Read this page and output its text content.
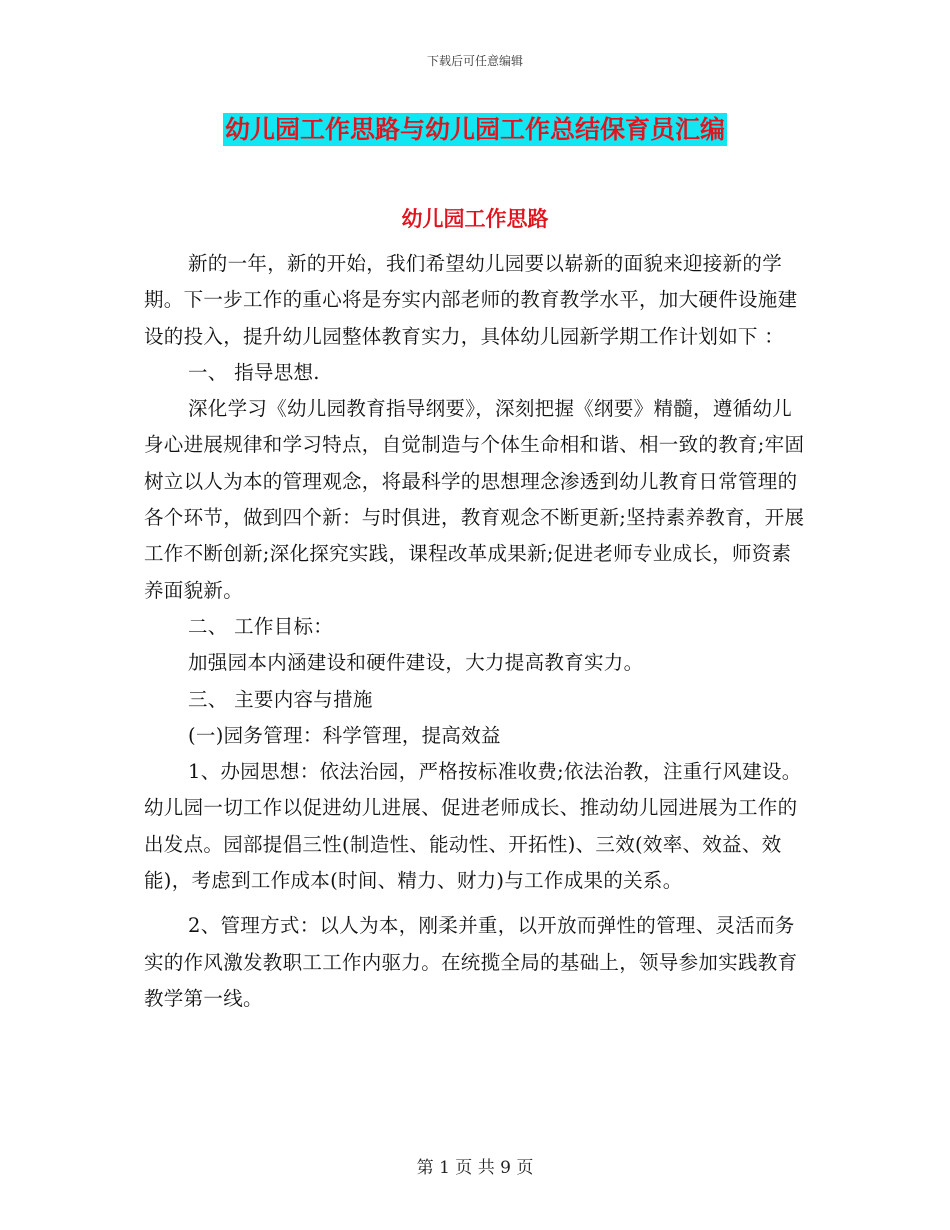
下载后可任意编辑
幼儿园工作思路与幼儿园工作总结保育员汇编
幼儿园工作思路

新的一年，新的开始，我们希望幼儿园要以崭新的面貌来迎接新的学期。下一步工作的重心将是夯实内部老师的教育教学水平，加大硬件设施建设的投入，提升幼儿园整体教育实力，具体幼儿园新学期工作计划如下 ：

一、 指导思想.

深化学习《幼儿园教育指导纲要》，深刻把握《纲要》精髓，遵循幼儿身心进展规律和学习特点，自觉制造与个体生命相和谐、相一致的教育;牢固树立以人为本的管理观念，将最科学的思想理念渗透到幼儿教育日常管理的各个环节，做到四个新：与时俱进，教育观念不断更新;坚持素养教育，开展工作不断创新;深化探究实践，课程改革成果新;促进老师专业成长，师资素养面貌新。

二、 工作目标：

加强园本内涵建设和硬件建设，大力提高教育实力。

三、 主要内容与措施

(一)园务管理：科学管理，提高效益

1、办园思想：依法治园，严格按标准收费;依法治教，注重行风建设。幼儿园一切工作以促进幼儿进展、促进老师成长、推动幼儿园进展为工作的出发点。园部提倡三性(制造性、能动性、开拓性)、三效(效率、效益、效能)，考虑到工作成本(时间、精力、财力)与工作成果的关系。

2、管理方式：以人为本，刚柔并重，以开放而弹性的管理、灵活而务实的作风激发教职工工作内驱力。在统揽全局的基础上，领导参加实践教育教学第一线。

第 1 页 共 9 页
